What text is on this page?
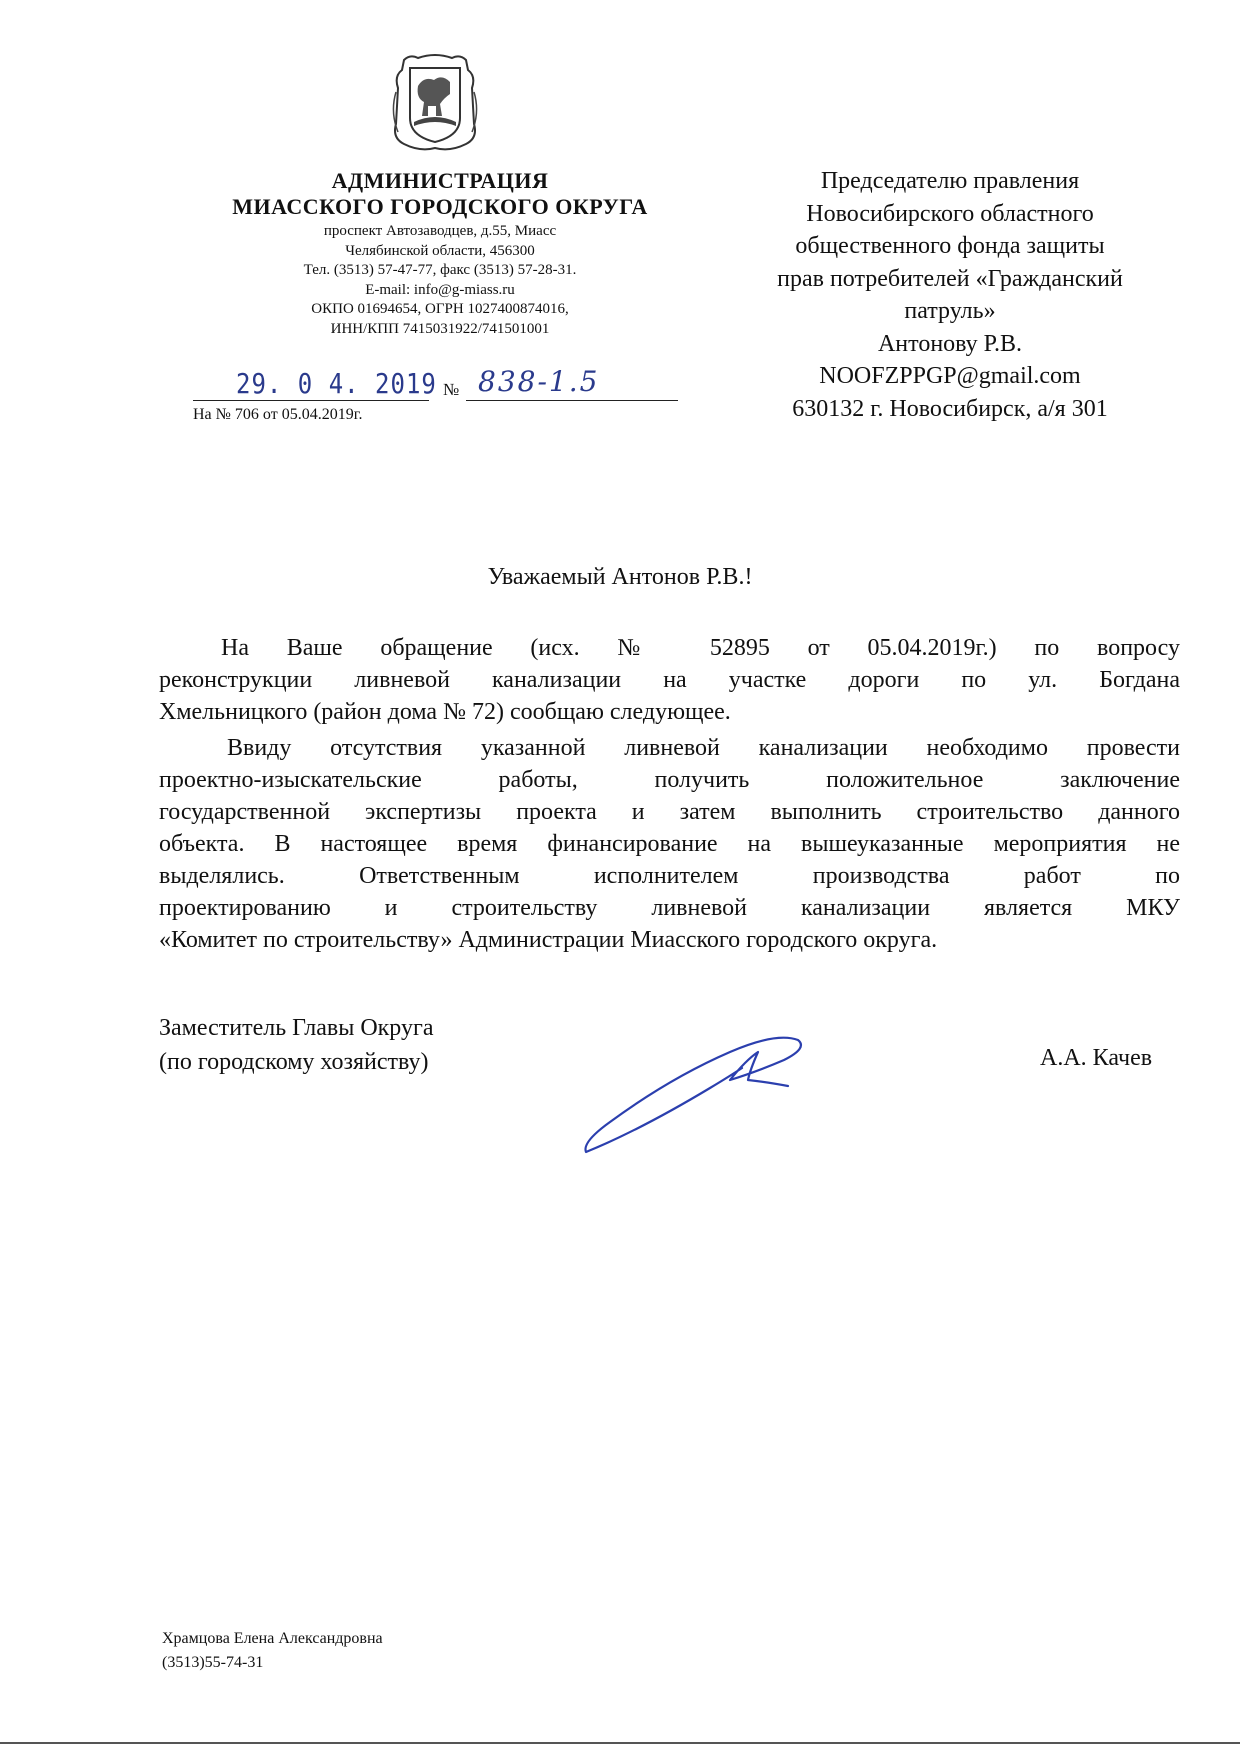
АДМИНИСТРАЦИЯ
МИАССКОГО ГОРОДСКОГО ОКРУГА
проспект Автозаводцев, д.55, Миасс
Челябинской области, 456300
Тел. (3513) 57-47-77, факс (3513) 57-28-31.
E-mail: info@g-miass.ru
ОКПО 01694654, ОГРН 1027400874016,
ИНН/КПП 7415031922/741501001
29. 0 4. 2019 № 838-1.5
На № 706 от 05.04.2019г.
Председателю правления
Новосибирского областного
общественного фонда защиты
прав потребителей «Гражданский
патруль»
Антонову Р.В.
NOOFZPPGP@gmail.com
630132 г. Новосибирск, а/я 301
Уважаемый Антонов Р.В.!
На Ваше обращение (исх. № 52895 от 05.04.2019г.) по вопросу
реконструкции ливневой канализации на участке дороги по ул. Богдана
Хмельницкого (район дома № 72) сообщаю следующее.
Ввиду отсутствия указанной ливневой канализации необходимо провести
проектно-изыскательские работы, получить положительное заключение
государственной экспертизы проекта и затем выполнить строительство данного
объекта. В настоящее время финансирование на вышеуказанные мероприятия не
выделялись. Ответственным исполнителем производства работ по
проектированию и строительству ливневой канализации является МКУ
«Комитет по строительству» Администрации Миасского городского округа.
Заместитель Главы Округа
(по городскому хозяйству)	А.А. Качев
Храмцова Елена Александровна
(3513)55-74-31
